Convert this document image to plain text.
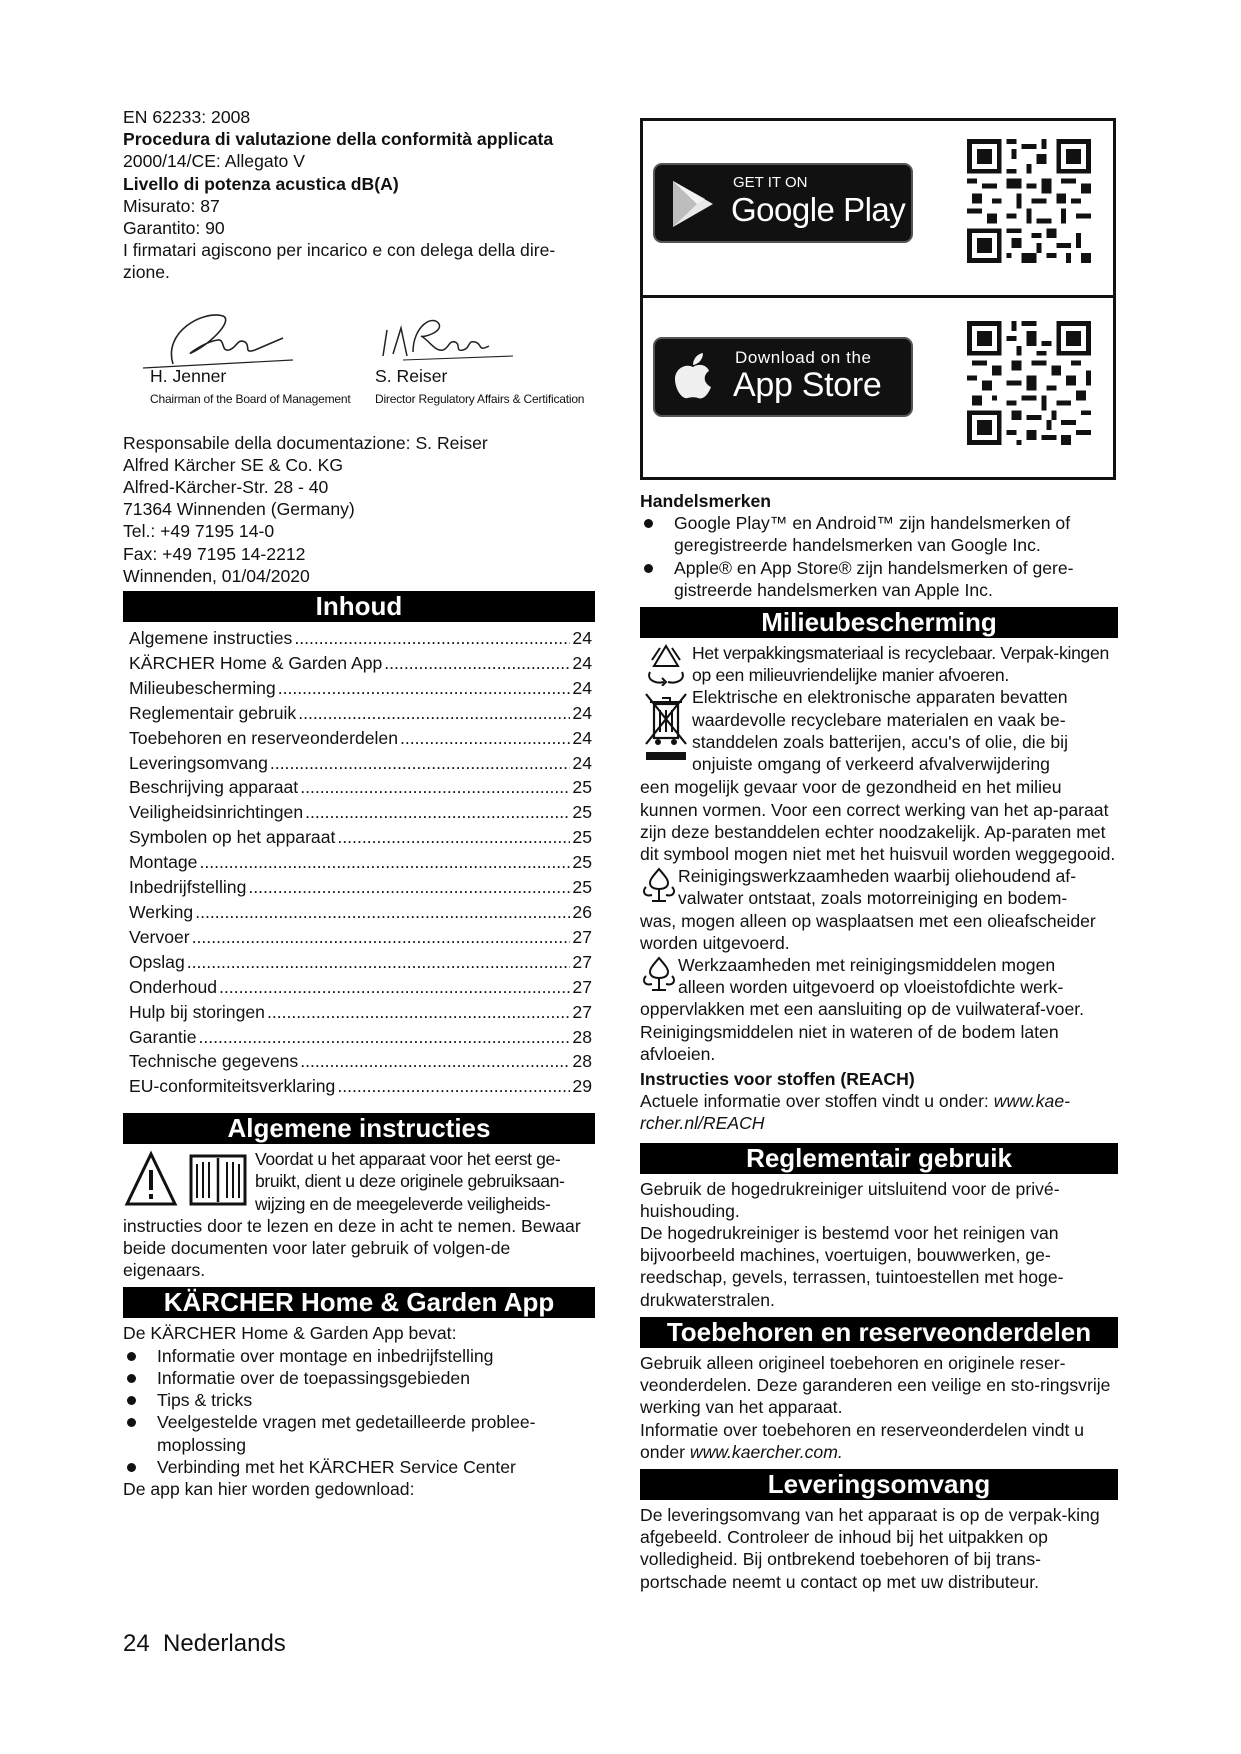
EN 62233: 2008

Procedura di valutazione della conformità applicata

2000/14/CE: Allegato V

Livello di potenza acustica dB(A)

Misurato: 87

Garantito: 90

I firmatari agiscono per incarico e con delega della dire-zione.

H. Jenner
Chairman of the Board of Management
S. Reiser
Director Regulatory Affairs & Certification

Responsabile della documentazione: S. Reiser

Alfred Kärcher SE & Co. KG

Alfred-Kärcher-Str. 28 - 40

71364 Winnenden (Germany)

Tel.: +49 7195 14-0

Fax: +49 7195 14-2212

Winnenden, 01/04/2020

Inhoud
Algemene instructies .....	24
KÄRCHER Home & Garden App .....	24
Milieubescherming .....	24
Reglementair gebruik .....	24
Toebehoren en reserveonderdelen .....	24
Leveringsomvang .....	24
Beschrijving apparaat .....	25
Veiligheidsinrichtingen .....	25
Symbolen op het apparaat .....	25
Montage .....	25
Inbedrijfstelling .....	25
Werking .....	26
Vervoer .....	27
Opslag .....	27
Onderhoud .....	27
Hulp bij storingen .....	27
Garantie .....	28
Technische gegevens .....	28
EU-conformiteitsverklaring .....	29
Algemene instructies

Voordat u het apparaat voor het eerst ge-

bruikt, dient u deze originele gebruiksaan-

wijzing en de meegeleverde veiligheids-

instructies door te lezen en deze in acht te nemen. Bewaar beide documenten voor later gebruik of volgen-de eigenaars.

KÄRCHER Home & Garden App

De KÄRCHER Home & Garden App bevat:

Informatie over montage en inbedrijfstelling
Informatie over de toepassingsgebieden
Tips & tricks
Veelgestelde vragen met gedetailleerde problee-moplossing
Verbinding met het KÄRCHER Service Center

De app kan hier worden gedownload:

GET IT ON
Google Play
Download on the
App Store

Handelsmerken

Google Play™ en Android™ zijn handelsmerken of geregistreerde handelsmerken van Google Inc.
Apple® en App Store® zijn handelsmerken of gere-gistreerde handelsmerken van Apple Inc.
Milieubescherming

Het verpakkingsmateriaal is recyclebaar. Verpak-kingen op een milieuvriendelijke manier afvoeren.

Elektrische en elektronische apparaten bevatten

waardevolle recyclebare materialen en vaak be-

standdelen zoals batterijen, accu's of olie, die bij

onjuiste omgang of verkeerd afvalverwijdering

een mogelijk gevaar voor de gezondheid en het milieu kunnen vormen. Voor een correct werking van het ap-paraat zijn deze bestanddelen echter noodzakelijk. Ap-paraten met dit symbool mogen niet met het huisvuil worden weggegooid.

Reinigingswerkzaamheden waarbij oliehoudend af-

valwater ontstaat, zoals motorreiniging en bodem-

was, mogen alleen op wasplaatsen met een olieafscheider worden uitgevoerd.

Werkzaamheden met reinigingsmiddelen mogen

alleen worden uitgevoerd op vloeistofdichte werk-

oppervlakken met een aansluiting op de vuilwateraf-voer. Reinigingsmiddelen niet in wateren of de bodem laten afvloeien.

Instructies voor stoffen (REACH)

Actuele informatie over stoffen vindt u onder: www.kae-rcher.nl/REACH

Reglementair gebruik

Gebruik de hogedrukreiniger uitsluitend voor de privé-huishouding.

De hogedrukreiniger is bestemd voor het reinigen van bijvoorbeeld machines, voertuigen, bouwwerken, ge-reedschap, gevels, terrassen, tuintoestellen met hoge-drukwaterstralen.

Toebehoren en reserveonderdelen

Gebruik alleen origineel toebehoren en originele reser-veonderdelen. Deze garanderen een veilige en sto-ringsvrije werking van het apparaat.

Informatie over toebehoren en reserveonderdelen vindt u onder www.kaercher.com.

Leveringsomvang

De leveringsomvang van het apparaat is op de verpak-king afgebeeld. Controleer de inhoud bij het uitpakken op volledigheid. Bij ontbrekend toebehoren of bij trans-portschade neemt u contact op met uw distributeur.

24 Nederlands
